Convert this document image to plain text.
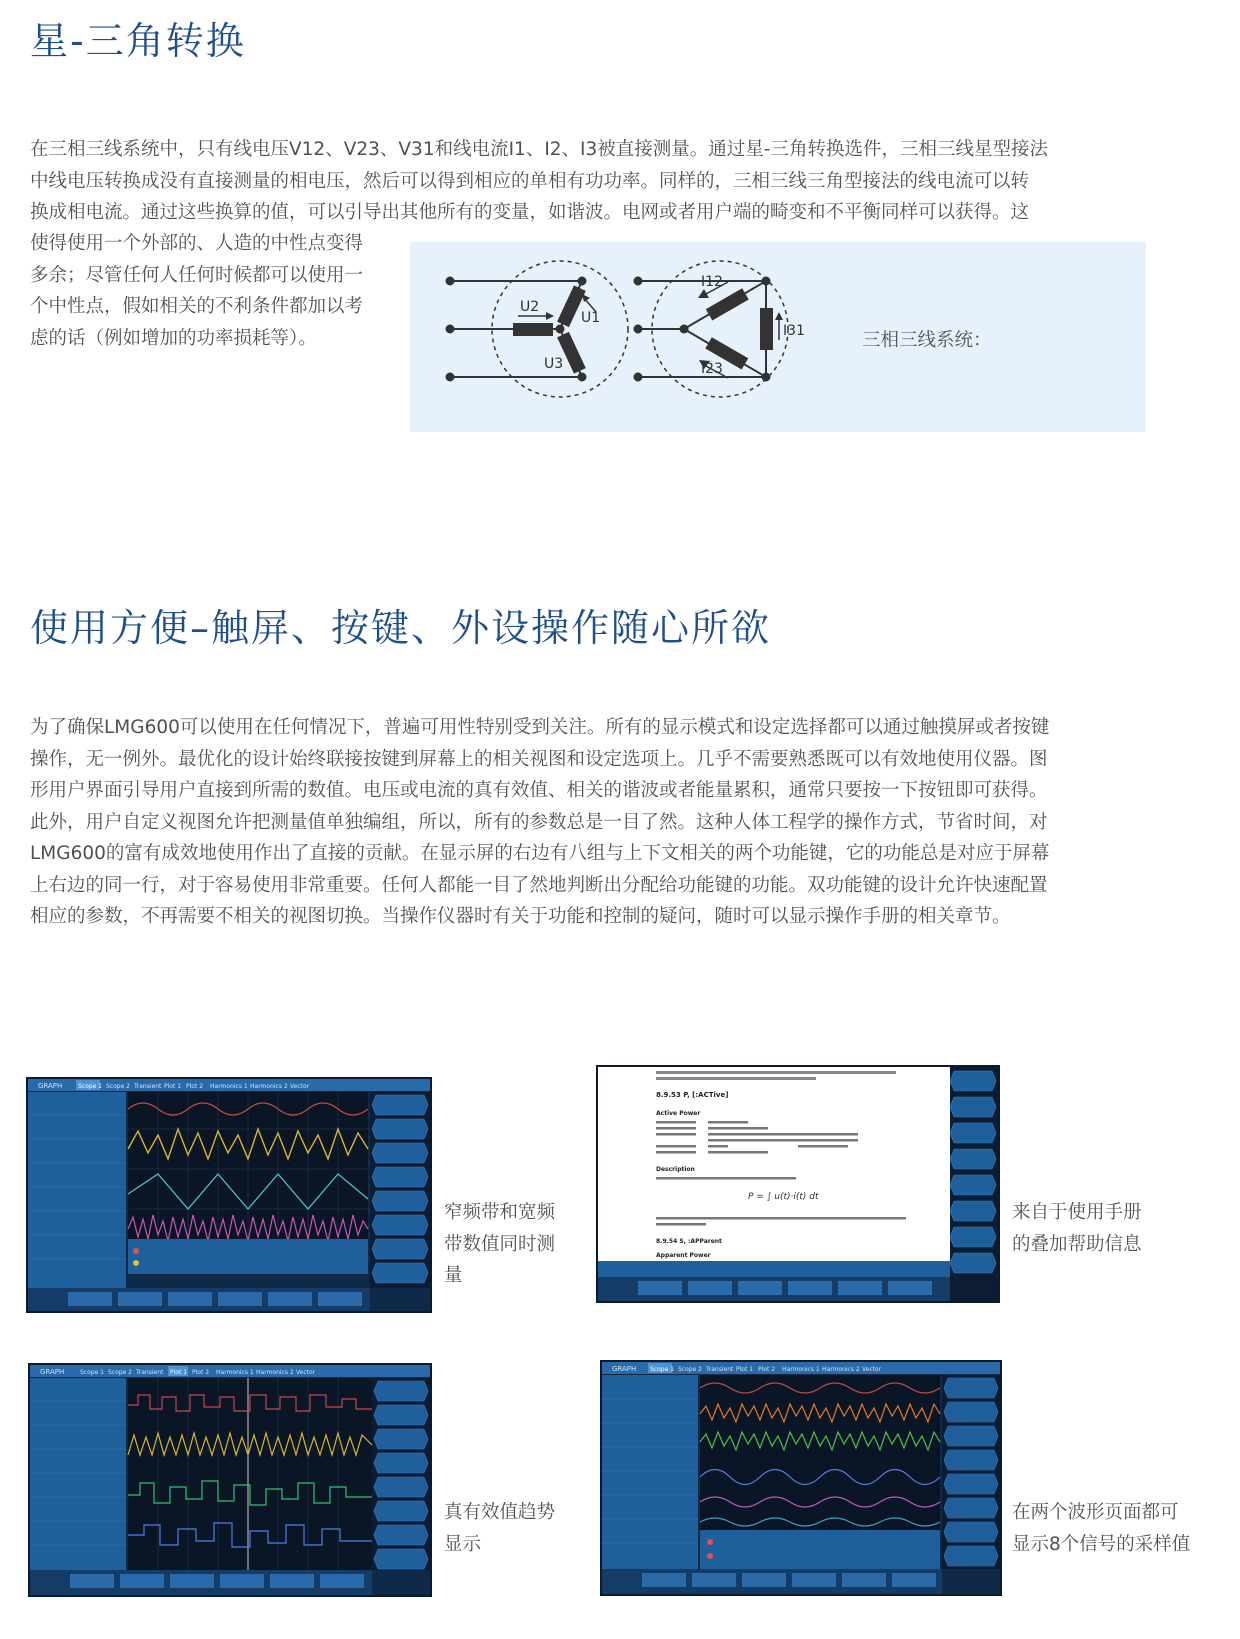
星-三角转换
在三相三线系统中，只有线电压V12、V23、V31和线电流I1、I2、I3被直接测量。通过星-三角转换选件，三相三线星型接法
中线电压转换成没有直接测量的相电压，然后可以得到相应的单相有功功率。同样的，三相三线三角型接法的线电流可以转
换成相电流。通过这些换算的值，可以引导出其他所有的变量，如谐波。电网或者用户端的畸变和不平衡同样可以获得。这
使得使用一个外部的、人造的中性点变得
多余；尽管任何人任何时候都可以使用一
个中性点，假如相关的不利条件都加以考
虑的话（例如增加的功率损耗等）。
U2
U1
U3
I12
I31
I23
三相三线系统：
使用方便–触屏、按键、外设操作随心所欲
为了确保LMG600可以使用在任何情况下，普遍可用性特别受到关注。所有的显示模式和设定选择都可以通过触摸屏或者按键
操作，无一例外。最优化的设计始终联接按键到屏幕上的相关视图和设定选项上。几乎不需要熟悉既可以有效地使用仪器。图
形用户界面引导用户直接到所需的数值。电压或电流的真有效值、相关的谐波或者能量累积，通常只要按一下按钮即可获得。
此外，用户自定义视图允许把测量值单独编组，所以，所有的参数总是一目了然。这种人体工程学的操作方式，节省时间，对
LMG600的富有成效地使用作出了直接的贡献。在显示屏的右边有八组与上下文相关的两个功能键，它的功能总是对应于屏幕
上右边的同一行，对于容易使用非常重要。任何人都能一目了然地判断出分配给功能键的功能。双功能键的设计允许快速配置
相应的参数，不再需要不相关的视图切换。当操作仪器时有关于功能和控制的疑问，随时可以显示操作手册的相关章节。
GRAPH	Scope 1 Scope 2 Transient Plot 1 Plot 2 Harmonics 1 Harmonics 2 Vector
窄频带和宽频
带数值同时测
量
8.9.53 P, [:ACTive]
Active Power
Description
P = ∫ u(t)·i(t) dt
8.9.54 S, :APParent
Apparent Power
来自于使用手册
的叠加帮助信息
GRAPH	Scope 1 Scope 2 Transient Plot 1 Plot 2 Harmonics 1 Harmonics 2 Vector
真有效值趋势
显示
GRAPH Scope 1 Scope 2 Transient Plot 1 Plot 2 Harmonics 1 Harmonics 2 Vector
在两个波形页面都可
显示8个信号的采样值
